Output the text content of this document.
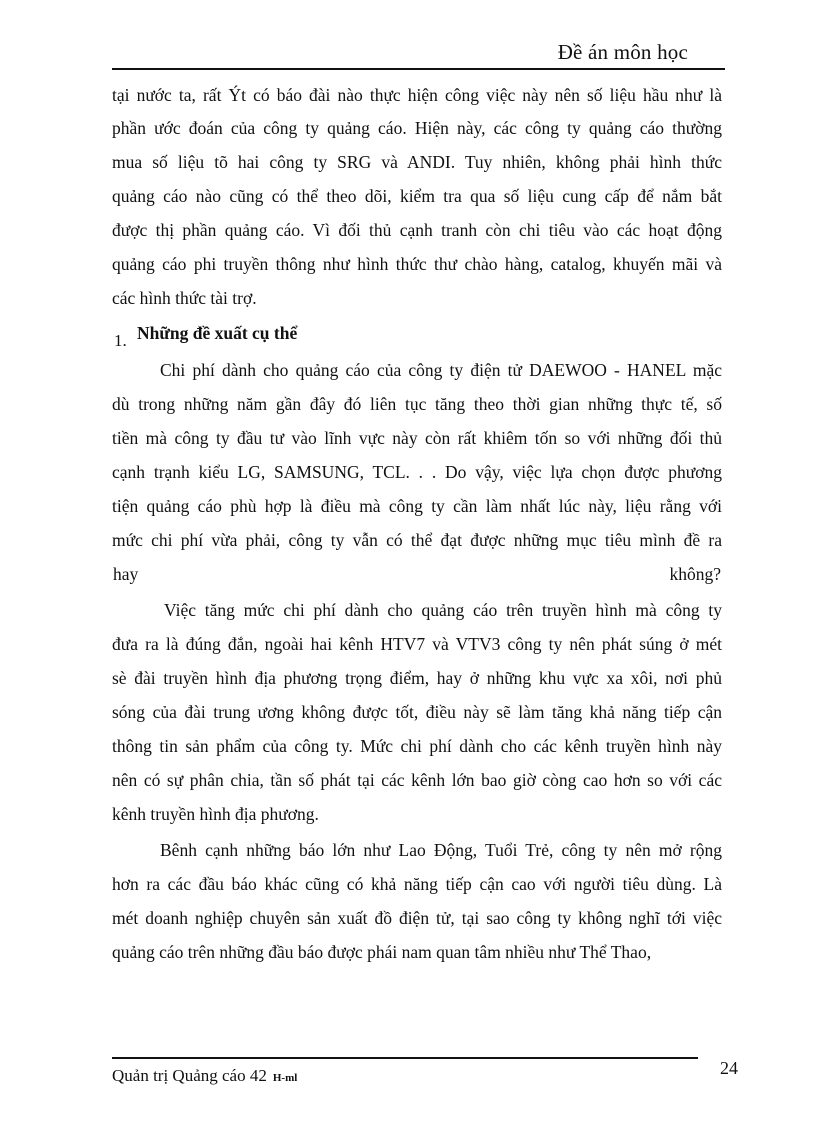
Đề án môn học
tại nước ta, rất Ýt có báo đài nào thực hiện công việc này nên số liệu hầu như là
phần ước đoán của công ty quảng cáo. Hiện này, các công ty quảng cáo thường
mua số liệu tõ hai công ty SRG và ANDI. Tuy nhiên, không phải hình thức
quảng cáo nào cũng có thể theo dõi, kiểm tra qua số liệu cung cấp để nắm bắt
được thị phần quảng cáo. Vì đối thủ cạnh tranh còn chi tiêu vào các hoạt động
quảng cáo phi truyền thông như hình thức thư chào hàng, catalog, khuyến mãi và
các hình thức tài trợ.
1. Những đề xuất cụ thể
Chi phí dành cho quảng cáo của công ty điện tử DAEWOO - HANEL mặc
dù trong những năm gần đây đó liên tục tăng theo thời gian những thực tế, số
tiền mà công ty đầu tư vào lĩnh vực này còn rất khiêm tốn so với những đối thủ
cạnh trạnh kiểu LG, SAMSUNG, TCL. . . Do vậy, việc lựa chọn được phương
tiện quảng cáo phù hợp là điều mà công ty cần làm nhất lúc này, liệu rằng với
mức chi phí vừa phải, công ty vẫn có thể đạt được những mục tiêu mình đề ra
hay	không?
Việc tăng mức chi phí dành cho quảng cáo trên truyền hình mà công ty
đưa ra là đúng đắn, ngoài hai kênh HTV7 và VTV3 công ty nên phát súng ở mét
sè đài truyền hình địa phương trọng điểm, hay ở những khu vực xa xôi, nơi phủ
sóng của đài trung ương không được tốt, điều này sẽ làm tăng khả năng tiếp cận
thông tin sản phẩm của công ty. Mức chi phí dành cho các kênh truyền hình này
nên có sự phân chia, tần số phát tại các kênh lớn bao giờ còng cao hơn so với các
kênh truyền hình địa phương.
Bênh cạnh những báo lớn như Lao Động, Tuổi Trẻ, công ty nên mở rộng
hơn ra các đầu báo khác cũng có khả năng tiếp cận cao với người tiêu dùng. Là
mét doanh nghiệp chuyên sản xuất đồ điện tử, tại sao công ty không nghĩ tới việc
quảng cáo trên những đầu báo được phái nam quan tâm nhiều như Thể Thao,
Quản trị Quảng cáo 42 H-ml	24
